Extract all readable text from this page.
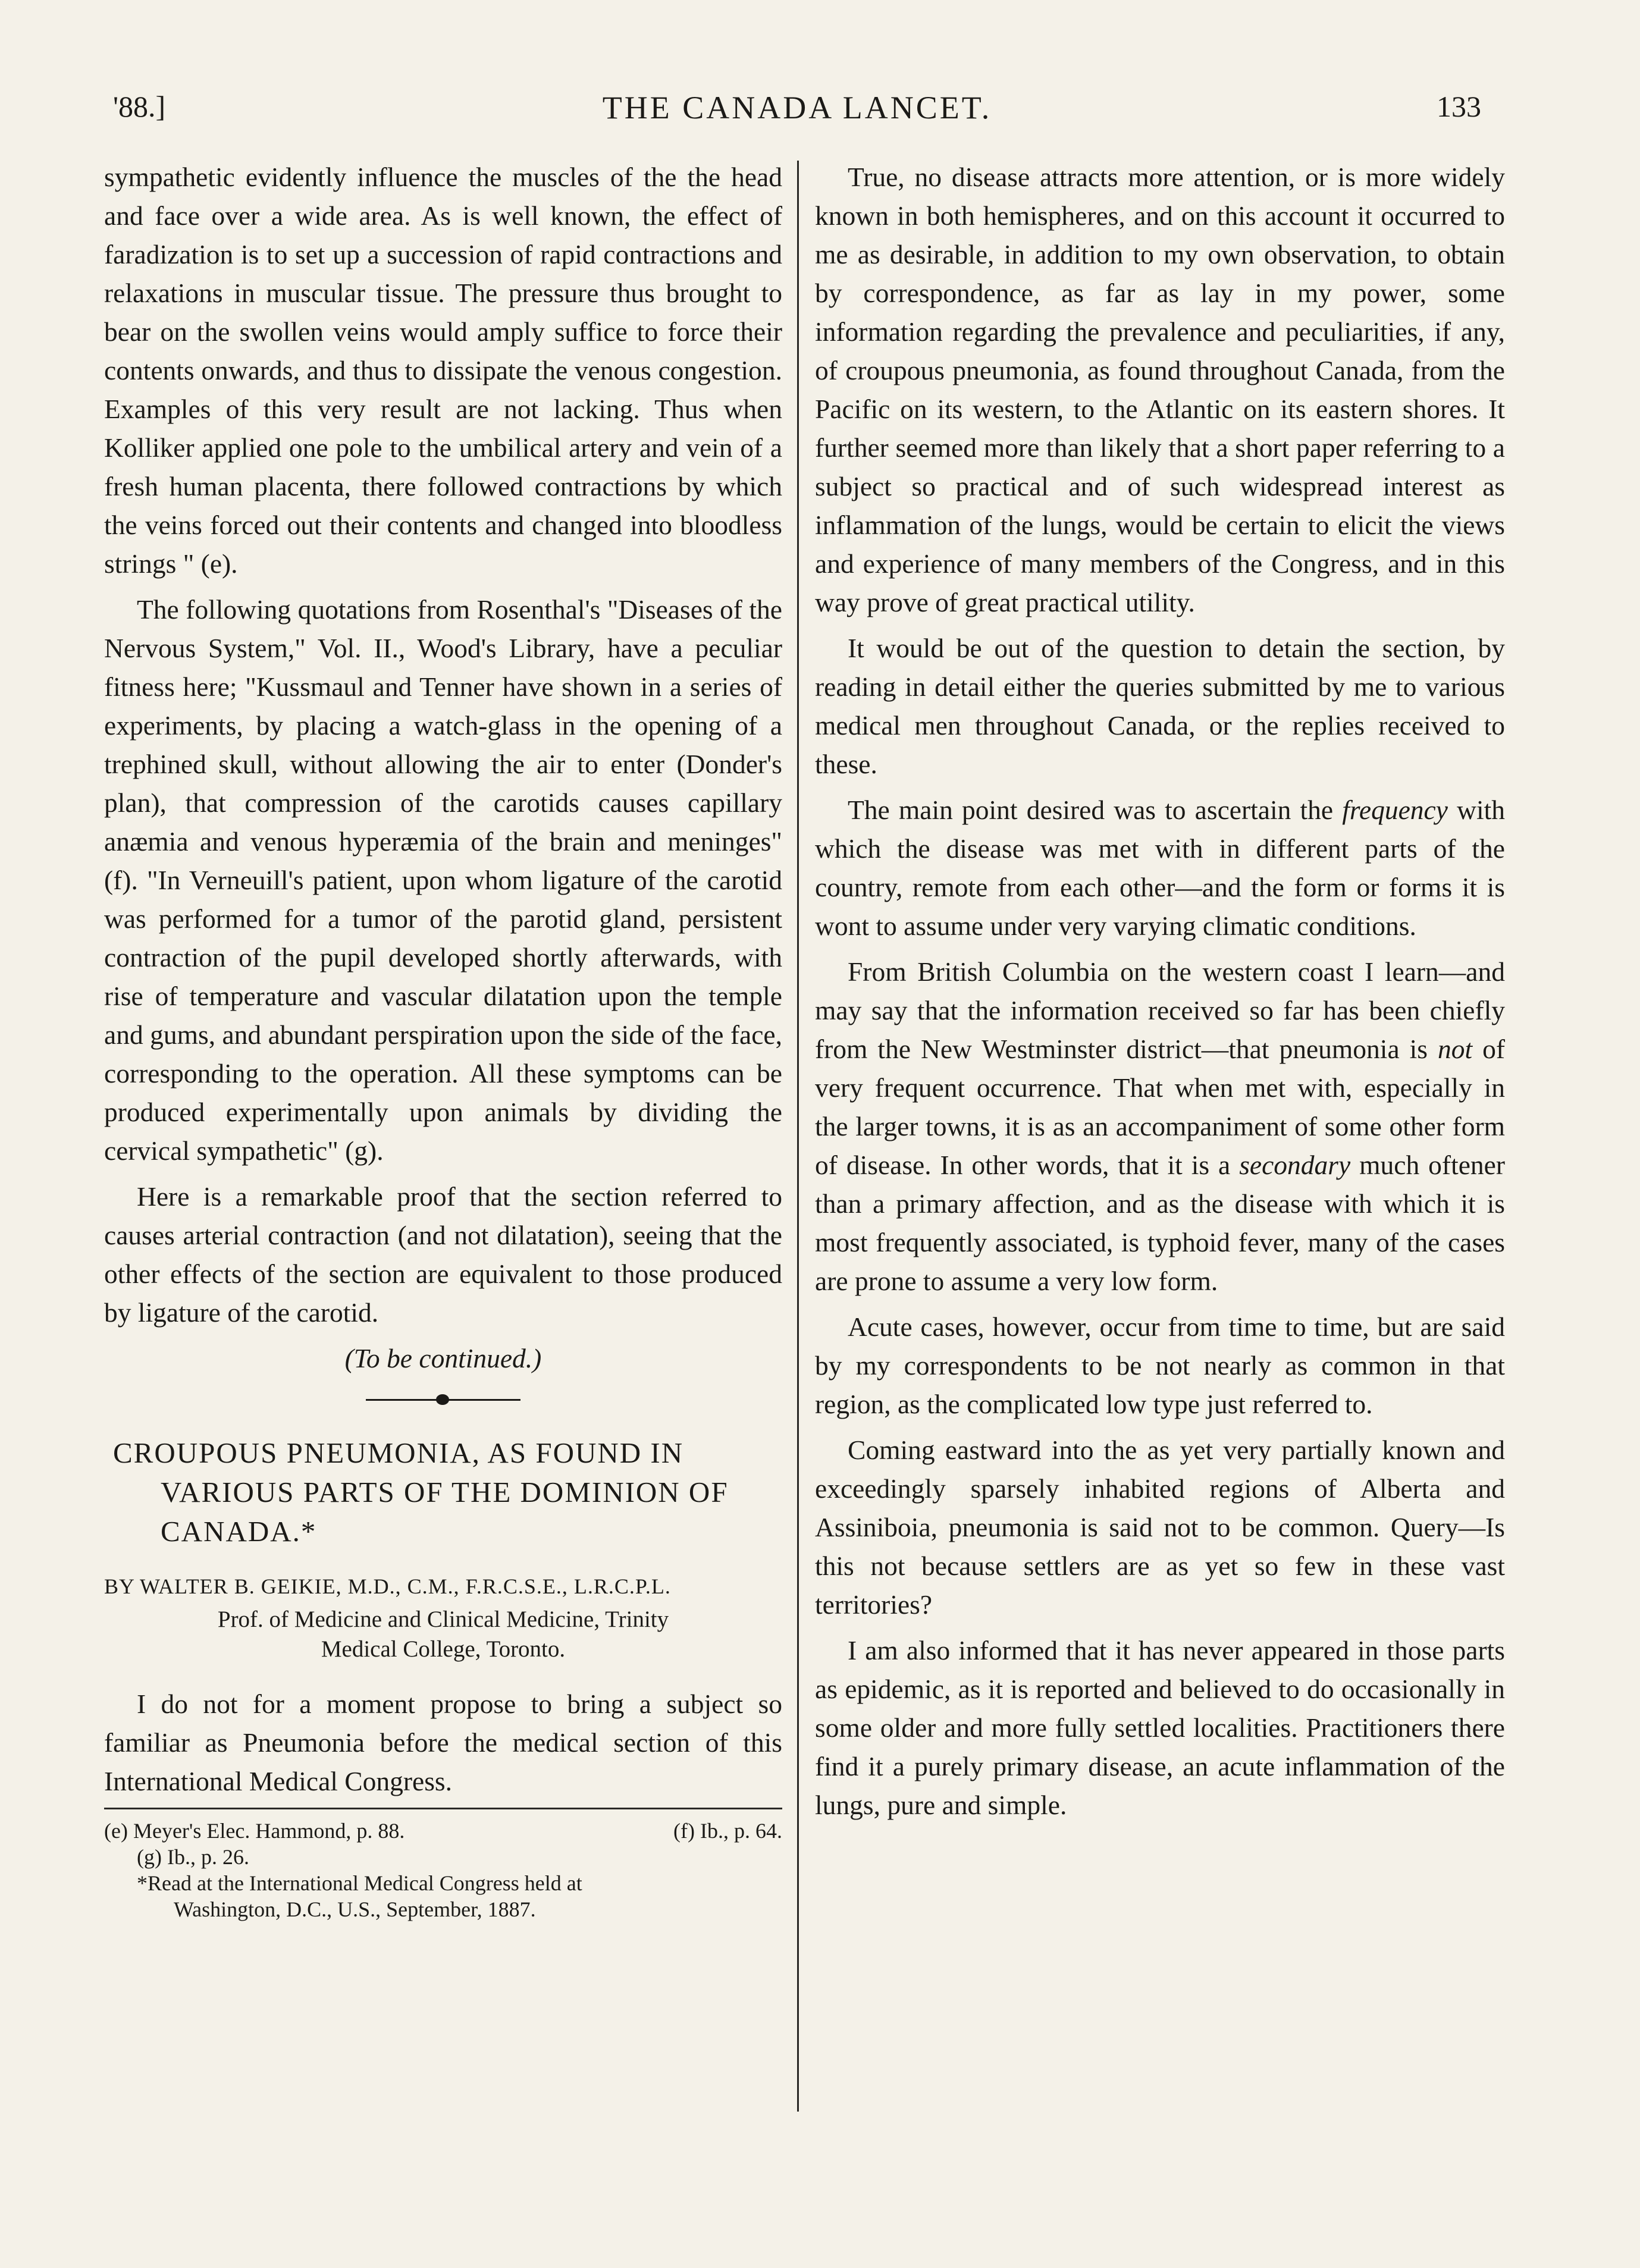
'88.]	THE CANADA LANCET.	133

sympathetic evidently influence the muscles of the the head and face over a wide area. As is well known, the effect of faradization is to set up a succession of rapid contractions and relaxations in muscular tissue. The pressure thus brought to bear on the swollen veins would amply suffice to force their contents onwards, and thus to dissipate the venous congestion. Examples of this very result are not lacking. Thus when Kolliker applied one pole to the umbilical artery and vein of a fresh human placenta, there followed contractions by which the veins forced out their contents and changed into bloodless strings " (e).

The following quotations from Rosenthal's "Diseases of the Nervous System," Vol. II., Wood's Library, have a peculiar fitness here; "Kussmaul and Tenner have shown in a series of experiments, by placing a watch-glass in the opening of a trephined skull, without allowing the air to enter (Donder's plan), that compression of the carotids causes capillary anæmia and venous hyperæmia of the brain and meninges" (f). "In Verneuill's patient, upon whom ligature of the carotid was performed for a tumor of the parotid gland, persistent contraction of the pupil developed shortly afterwards, with rise of temperature and vascular dilatation upon the temple and gums, and abundant perspiration upon the side of the face, corresponding to the operation. All these symptoms can be produced experimentally upon animals by dividing the cervical sympathetic" (g).

Here is a remarkable proof that the section referred to causes arterial contraction (and not dilatation), seeing that the other effects of the section are equivalent to those produced by ligature of the carotid.

(To be continued.)

CROUPOUS PNEUMONIA, AS FOUND IN VARIOUS PARTS OF THE DOMINION OF CANADA.*

BY WALTER B. GEIKIE, M.D., C.M., F.R.C.S.E., L.R.C.P.L.

Prof. of Medicine and Clinical Medicine, Trinity
Medical College, Toronto.

I do not for a moment propose to bring a subject so familiar as Pneumonia before the medical section of this International Medical Congress.

(e) Meyer's Elec. Hammond, p. 88.	(f) Ib., p. 64.

(g) Ib., p. 26.

*Read at the International Medical Congress held at

Washington, D.C., U.S., September, 1887.

True, no disease attracts more attention, or is more widely known in both hemispheres, and on this account it occurred to me as desirable, in addition to my own observation, to obtain by correspondence, as far as lay in my power, some information regarding the prevalence and peculiarities, if any, of croupous pneumonia, as found throughout Canada, from the Pacific on its western, to the Atlantic on its eastern shores. It further seemed more than likely that a short paper referring to a subject so practical and of such widespread interest as inflammation of the lungs, would be certain to elicit the views and experience of many members of the Congress, and in this way prove of great practical utility.

It would be out of the question to detain the section, by reading in detail either the queries submitted by me to various medical men throughout Canada, or the replies received to these.

The main point desired was to ascertain the frequency with which the disease was met with in different parts of the country, remote from each other—and the form or forms it is wont to assume under very varying climatic conditions.

From British Columbia on the western coast I learn—and may say that the information received so far has been chiefly from the New Westminster district—that pneumonia is not of very frequent occurrence. That when met with, especially in the larger towns, it is as an accompaniment of some other form of disease. In other words, that it is a secondary much oftener than a primary affection, and as the disease with which it is most frequently associated, is typhoid fever, many of the cases are prone to assume a very low form.

Acute cases, however, occur from time to time, but are said by my correspondents to be not nearly as common in that region, as the complicated low type just referred to.

Coming eastward into the as yet very partially known and exceedingly sparsely inhabited regions of Alberta and Assiniboia, pneumonia is said not to be common. Query—Is this not because settlers are as yet so few in these vast territories?

I am also informed that it has never appeared in those parts as epidemic, as it is reported and believed to do occasionally in some older and more fully settled localities. Practitioners there find it a purely primary disease, an acute inflammation of the lungs, pure and simple.
